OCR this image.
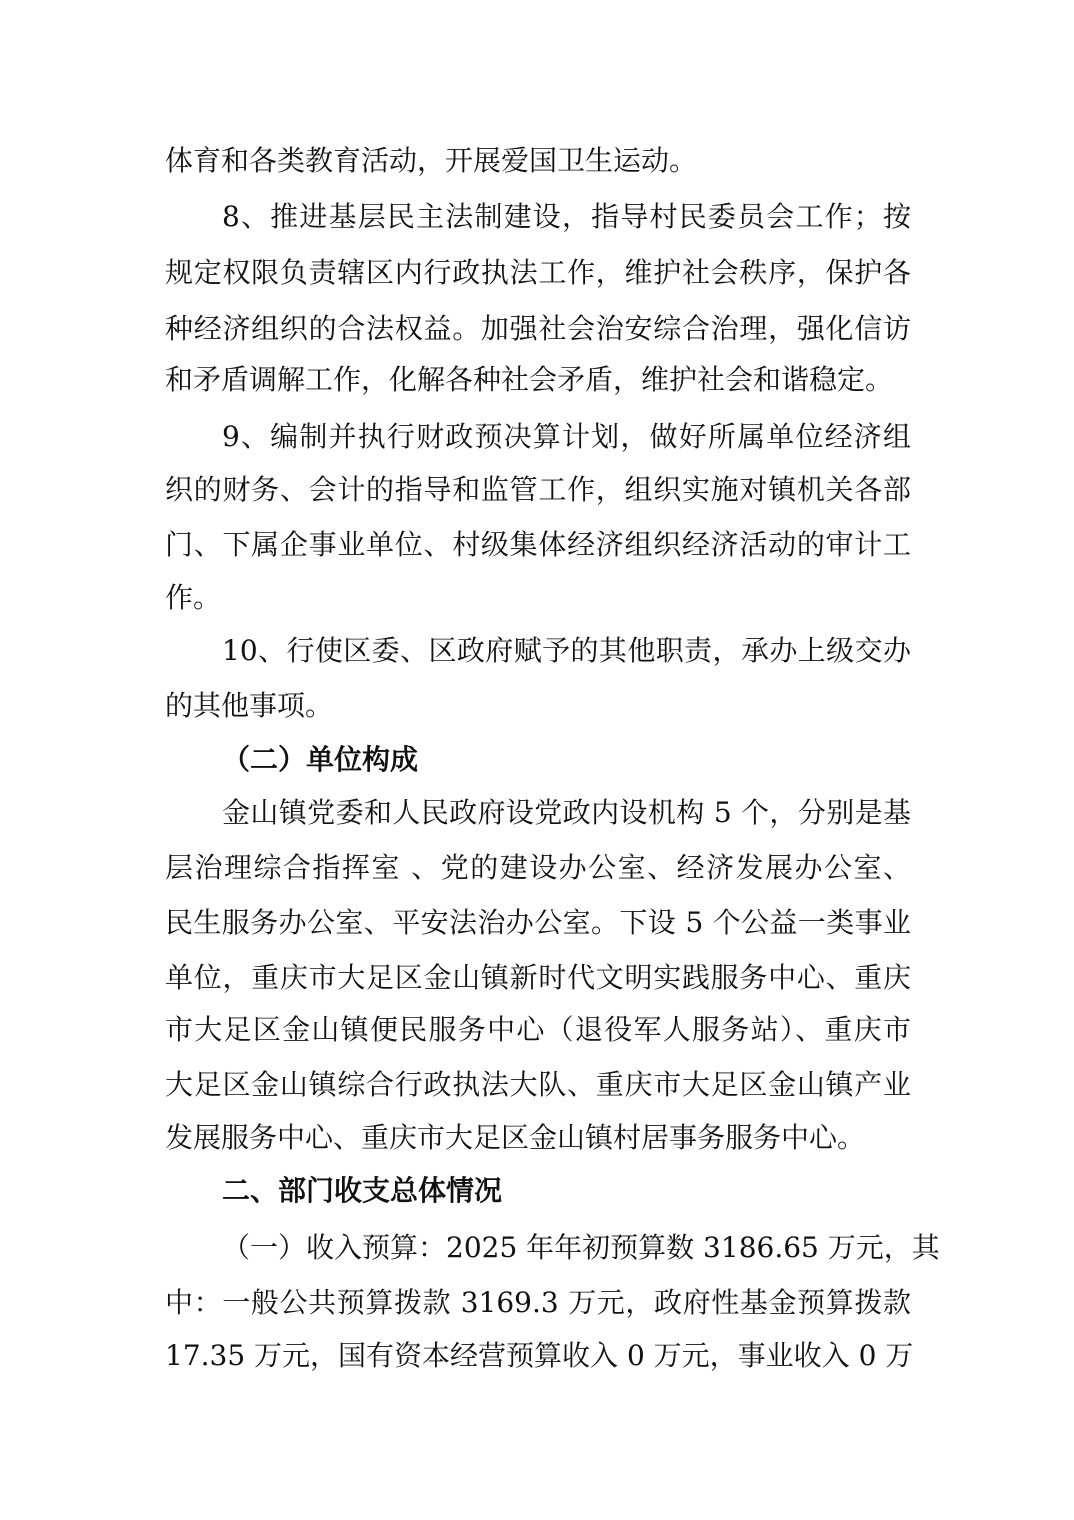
体育和各类教育活动，开展爱国卫生运动。
8、推进基层民主法制建设，指导村民委员会工作；按
规定权限负责辖区内行政执法工作，维护社会秩序，保护各
种经济组织的合法权益。加强社会治安综合治理，强化信访
和矛盾调解工作，化解各种社会矛盾，维护社会和谐稳定。
9、编制并执行财政预决算计划，做好所属单位经济组
织的财务、会计的指导和监管工作，组织实施对镇机关各部
门、下属企事业单位、村级集体经济组织经济活动的审计工
作。
10、行使区委、区政府赋予的其他职责，承办上级交办
的其他事项。
（二）单位构成
金山镇党委和人民政府设党政内设机构 5 个，分别是基
层治理综合指挥室 、党的建设办公室、经济发展办公室、
民生服务办公室、平安法治办公室。下设 5 个公益一类事业
单位，重庆市大足区金山镇新时代文明实践服务中心、重庆
市大足区金山镇便民服务中心（退役军人服务站）、重庆市
大足区金山镇综合行政执法大队、重庆市大足区金山镇产业
发展服务中心、重庆市大足区金山镇村居事务服务中心。
二、部门收支总体情况
（一）收入预算：2025 年年初预算数 3186.65 万元，其
中：一般公共预算拨款 3169.3 万元，政府性基金预算拨款
17.35 万元，国有资本经营预算收入 0 万元，事业收入 0 万
